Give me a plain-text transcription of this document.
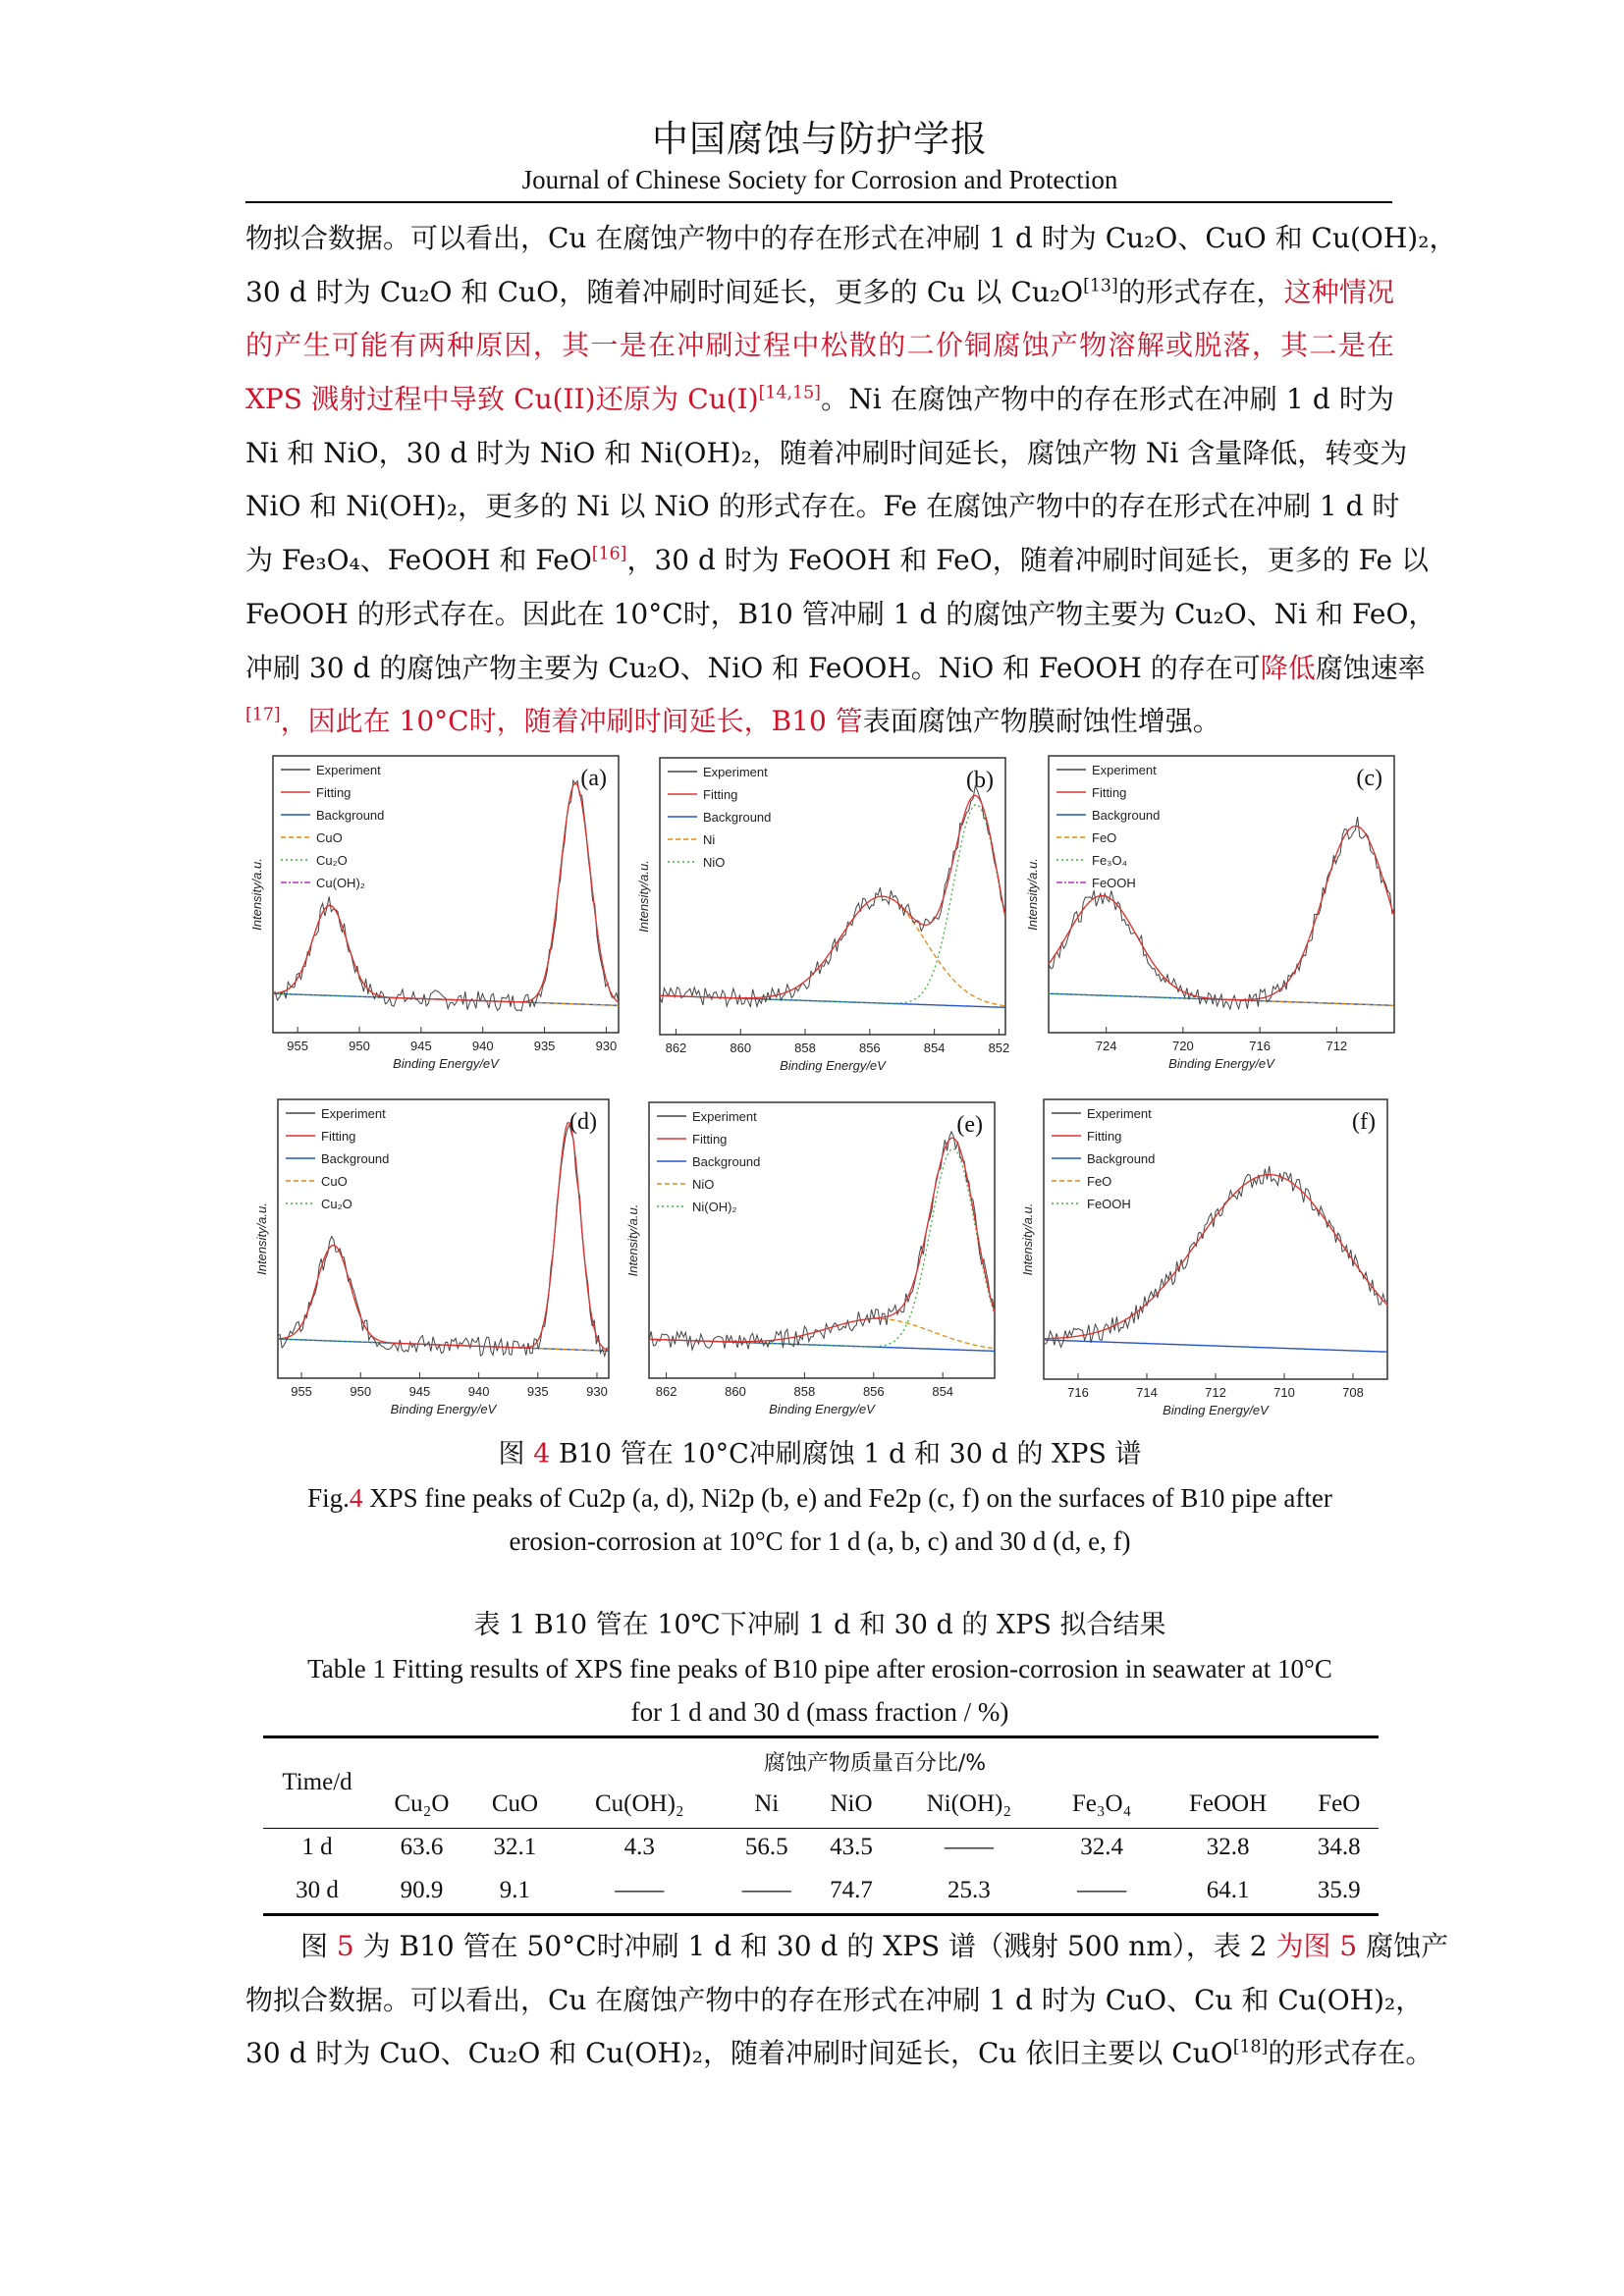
中国腐蚀与防护学报
Journal of Chinese Society for Corrosion and Protection
物拟合数据。可以看出，Cu 在腐蚀产物中的存在形式在冲刷 1 d 时为 Cu₂O、CuO 和 Cu(OH)₂，
30 d 时为 Cu₂O 和 CuO，随着冲刷时间延长，更多的 Cu 以 Cu₂O[13]的形式存在，这种情况
的产生可能有两种原因，其一是在冲刷过程中松散的二价铜腐蚀产物溶解或脱落，其二是在
XPS 溅射过程中导致 Cu(II)还原为 Cu(I)[14,15]。Ni 在腐蚀产物中的存在形式在冲刷 1 d 时为
Ni 和 NiO，30 d 时为 NiO 和 Ni(OH)₂，随着冲刷时间延长，腐蚀产物 Ni 含量降低，转变为
NiO 和 Ni(OH)₂，更多的 Ni 以 NiO 的形式存在。Fe 在腐蚀产物中的存在形式在冲刷 1 d 时
为 Fe₃O₄、FeOOH 和 FeO[16]，30 d 时为 FeOOH 和 FeO，随着冲刷时间延长，更多的 Fe 以
FeOOH 的形式存在。因此在 10°C时，B10 管冲刷 1 d 的腐蚀产物主要为 Cu₂O、Ni 和 FeO，
冲刷 30 d 的腐蚀产物主要为 Cu₂O、NiO 和 FeOOH。NiO 和 FeOOH 的存在可降低腐蚀速率
[17]，因此在 10°C时，随着冲刷时间延长，B10 管表面腐蚀产物膜耐蚀性增强。
955	950	945	940	935	930
Binding Energy/eV
Intensity/a.u.
Experiment
Fitting
Background
CuO
Cu₂O
Cu(OH)₂
(a)
862	860	858	856	854	852
Binding Energy/eV
Intensity/a.u.
Experiment
Fitting
Background
Ni
NiO
(b)
724	720	716	712
Binding Energy/eV
Intensity/a.u.
Experiment
Fitting
Background
FeO
Fe₃O₄
FeOOH
(c)
955	950	945	940	935	930
Binding Energy/eV
Intensity/a.u.
Experiment
Fitting
Background
CuO
Cu₂O
(d)
862	860	858	856	854
Binding Energy/eV
Intensity/a.u.
Experiment
Fitting
Background
NiO
Ni(OH)₂
(e)
716	714	712	710	708
Binding Energy/eV
Intensity/a.u.
Experiment
Fitting
Background
FeO
FeOOH
(f)
图 4 B10 管在 10°C冲刷腐蚀 1 d 和 30 d 的 XPS 谱
Fig.4 XPS fine peaks of Cu2p (a, d), Ni2p (b, e) and Fe2p (c, f) on the surfaces of B10 pipe after
erosion-corrosion at 10°C for 1 d (a, b, c) and 30 d (d, e, f)
表 1 B10 管在 10℃下冲刷 1 d 和 30 d 的 XPS 拟合结果
Table 1 Fitting results of XPS fine peaks of B10 pipe after erosion-corrosion in seawater at 10°C
for 1 d and 30 d (mass fraction / %)
Time/d	腐蚀产物质量百分比/%								
	Cu₂O	CuO	Cu(OH)₂	Ni	NiO	Ni(OH)₂	Fe₃O₄	FeOOH	FeO
1 d	63.6	32.1	4.3	56.5	43.5	——	32.4	32.8	34.8
30 d	90.9	9.1	——	——	74.7	25.3	——	64.1	35.9
图 5 为 B10 管在 50°C时冲刷 1 d 和 30 d 的 XPS 谱（溅射 500 nm），表 2 为图 5 腐蚀产
物拟合数据。可以看出，Cu 在腐蚀产物中的存在形式在冲刷 1 d 时为 CuO、Cu 和 Cu(OH)₂，
30 d 时为 CuO、Cu₂O 和 Cu(OH)₂，随着冲刷时间延长，Cu 依旧主要以 CuO[18]的形式存在。
